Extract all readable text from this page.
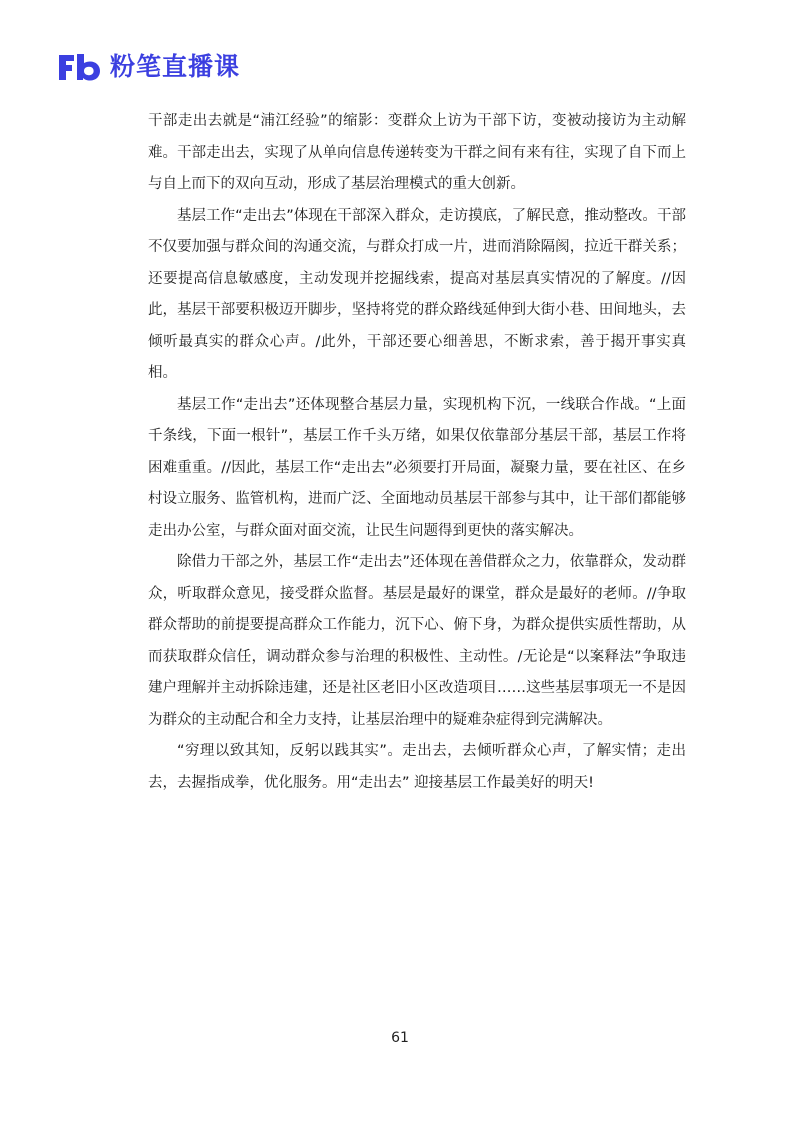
粉笔直播课

干部走出去就是“浦江经验”的缩影：变群众上访为干部下访，变被动接访为主动解难。干部走出去，实现了从单向信息传递转变为干群之间有来有往，实现了自下而上与自上而下的双向互动，形成了基层治理模式的重大创新。

基层工作“走出去”体现在干部深入群众，走访摸底，了解民意，推动整改。干部不仅要加强与群众间的沟通交流，与群众打成一片，进而消除隔阂，拉近干群关系；还要提高信息敏感度，主动发现并挖掘线索，提高对基层真实情况的了解度。//因此，基层干部要积极迈开脚步，坚持将党的群众路线延伸到大街小巷、田间地头，去倾听最真实的群众心声。/此外，干部还要心细善思，不断求索，善于揭开事实真相。

基层工作“走出去”还体现整合基层力量，实现机构下沉，一线联合作战。“上面千条线，下面一根针”，基层工作千头万绪，如果仅依靠部分基层干部，基层工作将困难重重。//因此，基层工作“走出去”必须要打开局面，凝聚力量，要在社区、在乡村设立服务、监管机构，进而广泛、全面地动员基层干部参与其中，让干部们都能够走出办公室，与群众面对面交流，让民生问题得到更快的落实解决。

除借力干部之外，基层工作“走出去”还体现在善借群众之力，依靠群众，发动群众，听取群众意见，接受群众监督。基层是最好的课堂，群众是最好的老师。//争取群众帮助的前提要提高群众工作能力，沉下心、俯下身，为群众提供实质性帮助，从而获取群众信任，调动群众参与治理的积极性、主动性。/无论是“以案释法”争取违建户理解并主动拆除违建，还是社区老旧小区改造项目……这些基层事项无一不是因为群众的主动配合和全力支持，让基层治理中的疑难杂症得到完满解决。

“穷理以致其知，反躬以践其实”。走出去，去倾听群众心声，了解实情；走出去，去握指成拳，优化服务。用“走出去” 迎接基层工作最美好的明天!

61
